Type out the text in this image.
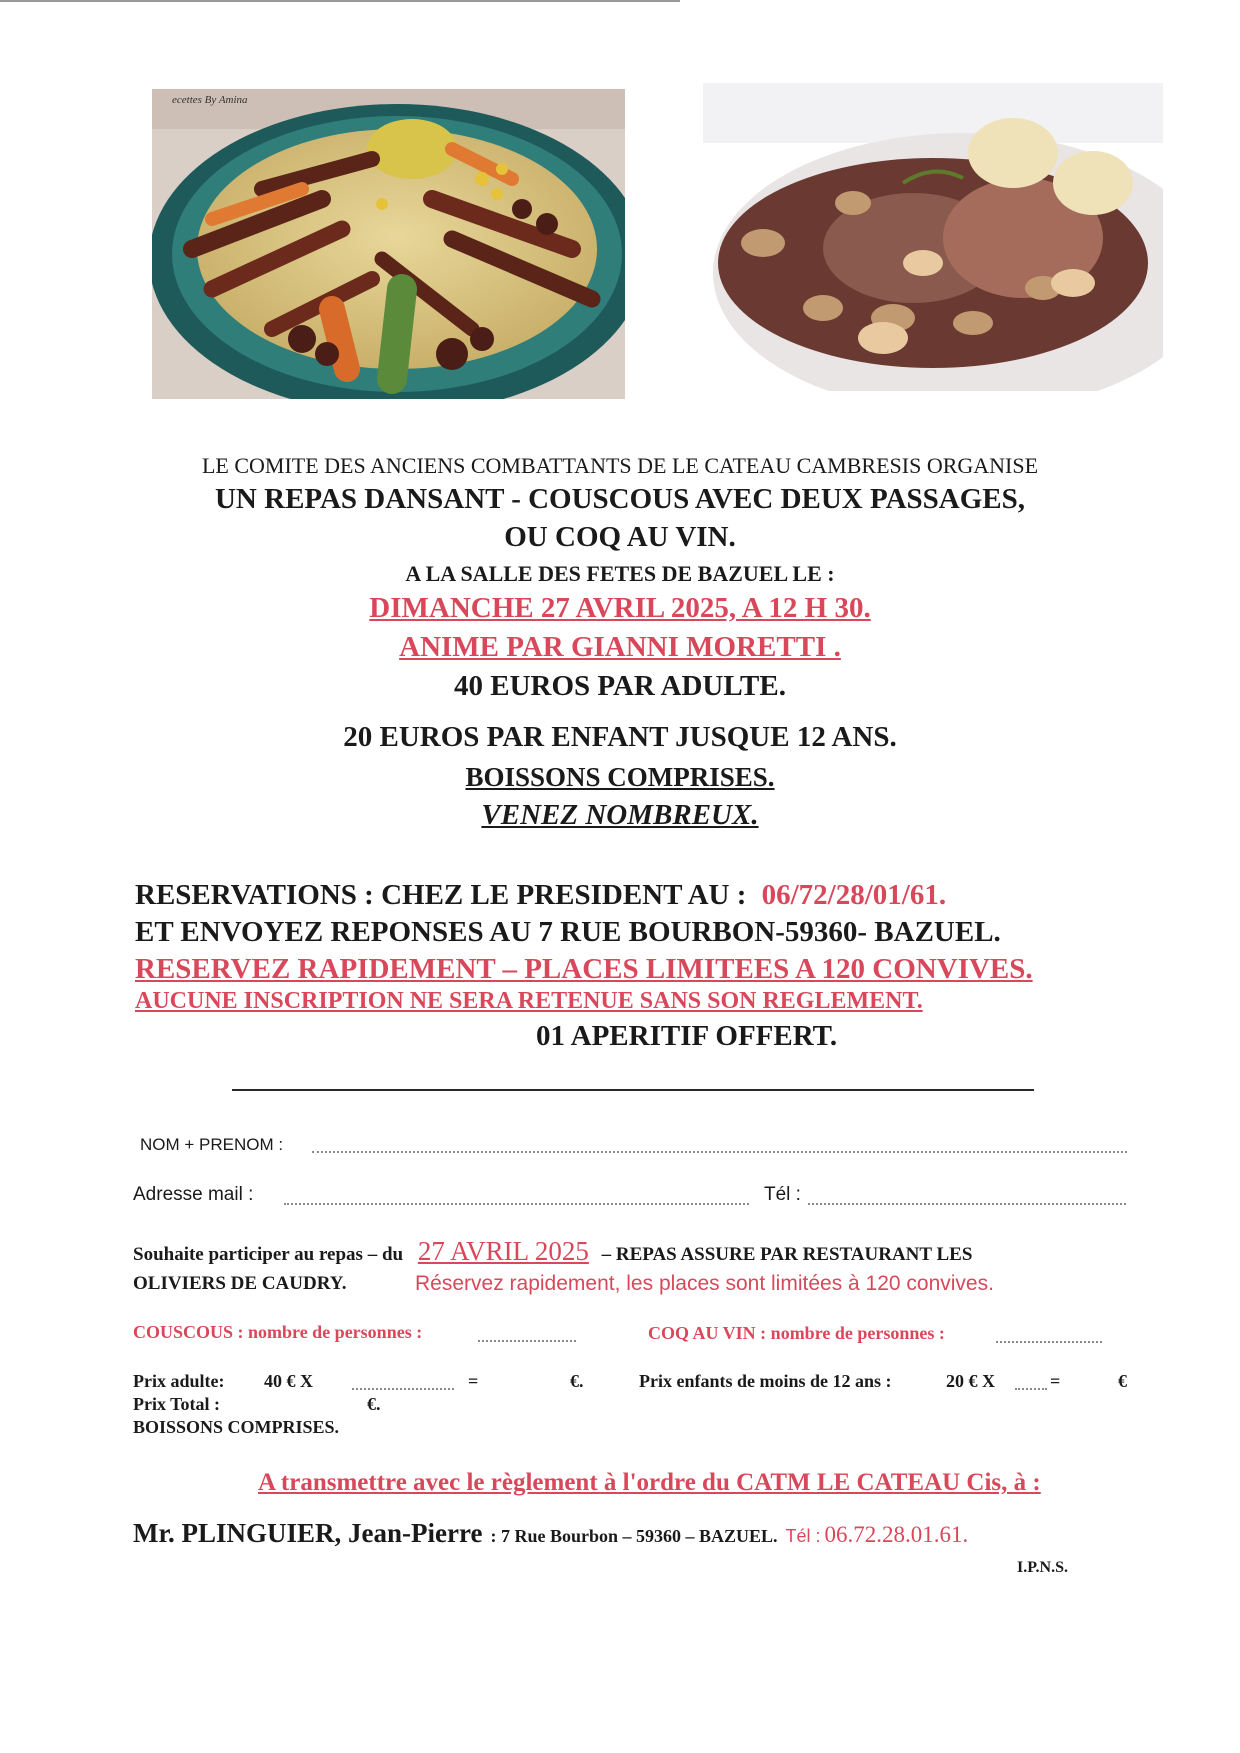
ecettes By Amina
LE COMITE DES ANCIENS COMBATTANTS DE LE CATEAU CAMBRESIS ORGANISE
UN REPAS DANSANT - COUSCOUS AVEC DEUX PASSAGES,
OU COQ AU VIN.
A LA SALLE DES FETES DE BAZUEL LE :
DIMANCHE 27 AVRIL 2025, A 12 H 30.
ANIME PAR GIANNI MORETTI .
40 EUROS PAR ADULTE.
20 EUROS PAR ENFANT JUSQUE 12 ANS.
BOISSONS COMPRISES.
VENEZ NOMBREUX.
RESERVATIONS : CHEZ LE PRESIDENT AU : 06/72/28/01/61.
ET ENVOYEZ REPONSES AU 7 RUE BOURBON-59360- BAZUEL.
RESERVEZ RAPIDEMENT – PLACES LIMITEES A 120 CONVIVES.
AUCUNE INSCRIPTION NE SERA RETENUE SANS SON REGLEMENT.
01 APERITIF OFFERT.
NOM + PRENOM :
Adresse mail :	Tél :
Souhaite participer au repas – du 27 AVRIL 2025 – REPAS ASSURE PAR RESTAURANT LES
OLIVIERS DE CAUDRY.	Réservez rapidement, les places sont limitées à 120 convives.
COUSCOUS : nombre de personnes :	COQ AU VIN : nombre de personnes :
Prix adulte: 40 € X	=	€.	Prix enfants de moins de 12 ans :	20 € X	=	€
Prix Total :	€.
BOISSONS COMPRISES.
A transmettre avec le règlement à l'ordre du CATM LE CATEAU Cis, à :
Mr. PLINGUIER, Jean-Pierre : 7 Rue Bourbon – 59360 – BAZUEL. Tél : 06.72.28.01.61.
I.P.N.S.
